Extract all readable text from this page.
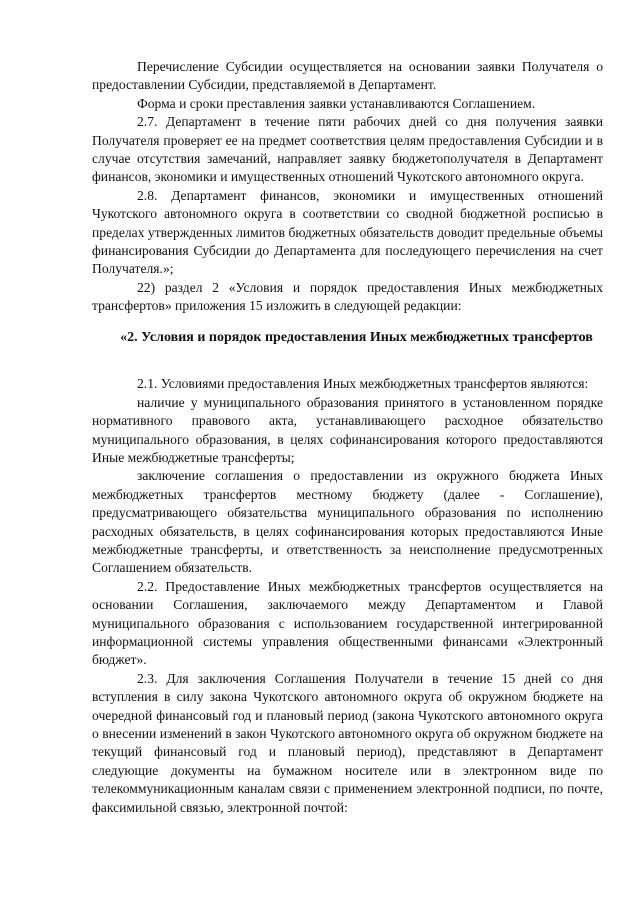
Перечисление Субсидии осуществляется на основании заявки Получателя о предоставлении Субсидии, представляемой в Департамент.

Форма и сроки преставления заявки устанавливаются Соглашением.

2.7. Департамент в течение пяти рабочих дней со дня получения заявки Получателя проверяет ее на предмет соответствия целям предоставления Субсидии и в случае отсутствия замечаний, направляет заявку бюджетополучателя в Департамент финансов, экономики и имущественных отношений Чукотского автономного округа.

2.8. Департамент финансов, экономики и имущественных отношений Чукотского автономного округа в соответствии со сводной бюджетной росписью в пределах утвержденных лимитов бюджетных обязательств доводит предельные объемы финансирования Субсидии до Департамента для последующего перечисления на счет Получателя.»;

22) раздел 2 «Условия и порядок предоставления Иных межбюджетных трансфертов» приложения 15 изложить в следующей редакции:

«2. Условия и порядок предоставления Иных межбюджетных трансфертов

2.1. Условиями предоставления Иных межбюджетных трансфертов являются:

наличие у муниципального образования принятого в установленном порядке нормативного правового акта, устанавливающего расходное обязательство муниципального образования, в целях софинансирования которого предоставляются Иные межбюджетные трансферты;

заключение соглашения о предоставлении из окружного бюджета Иных межбюджетных трансфертов местному бюджету (далее - Соглашение), предусматривающего обязательства муниципального образования по исполнению расходных обязательств, в целях софинансирования которых предоставляются Иные межбюджетные трансферты, и ответственность за неисполнение предусмотренных Соглашением обязательств.

2.2. Предоставление Иных межбюджетных трансфертов осуществляется на основании Соглашения, заключаемого между Департаментом и Главой муниципального образования с использованием государственной интегрированной информационной системы управления общественными финансами «Электронный бюджет».

2.3. Для заключения Соглашения Получатели в течение 15 дней со дня вступления в силу закона Чукотского автономного округа об окружном бюджете на очередной финансовый год и плановый период (закона Чукотского автономного округа о внесении изменений в закон Чукотского автономного округа об окружном бюджете на текущий финансовый год и плановый период), представляют в Департамент следующие документы на бумажном носителе или в электронном виде по телекоммуникационным каналам связи с применением электронной подписи, по почте, факсимильной связью, электронной почтой:
